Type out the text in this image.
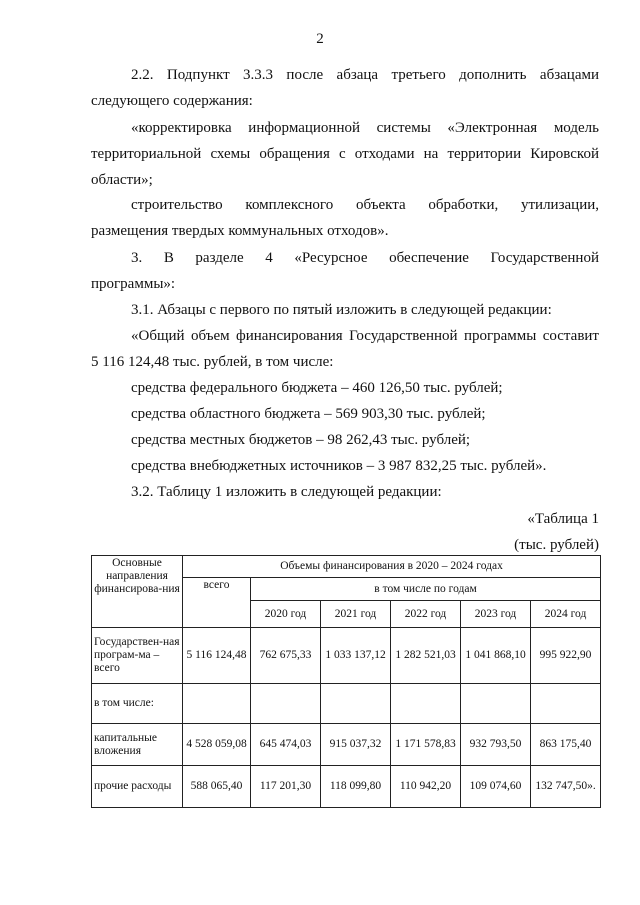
2
2.2. Подпункт 3.3.3 после абзаца третьего дополнить абзацами
следующего содержания:
«корректировка информационной системы «Электронная модель
территориальной схемы обращения с отходами на территории Кировской
области»;
строительство комплексного объекта обработки, утилизации,
размещения твердых коммунальных отходов».
3. В разделе 4 «Ресурсное обеспечение Государственной
программы»:
3.1. Абзацы с первого по пятый изложить в следующей редакции:
«Общий объем финансирования Государственной программы составит
5 116 124,48 тыс. рублей, в том числе:
средства федерального бюджета – 460 126,50 тыс. рублей;
средства областного бюджета – 569 903,30 тыс. рублей;
средства местных бюджетов – 98 262,43 тыс. рублей;
средства внебюджетных источников – 3 987 832,25 тыс. рублей».
3.2. Таблицу 1 изложить в следующей редакции:
«Таблица 1
(тыс. рублей)
Основные направления финансирова-ния	Объемы финансирования в 2020 – 2024 годах					
	всего	в том числе по годам				
		2020 год	2021 год	2022 год	2023 год	2024 год
Государствен-ная програм-ма – всего	5 116 124,48	762 675,33	1 033 137,12	1 282 521,03	1 041 868,10	995 922,90
в том числе:						
капитальные вложения	4 528 059,08	645 474,03	915 037,32	1 171 578,83	932 793,50	863 175,40
прочие расходы	588 065,40	117 201,30	118 099,80	110 942,20	109 074,60	132 747,50».
